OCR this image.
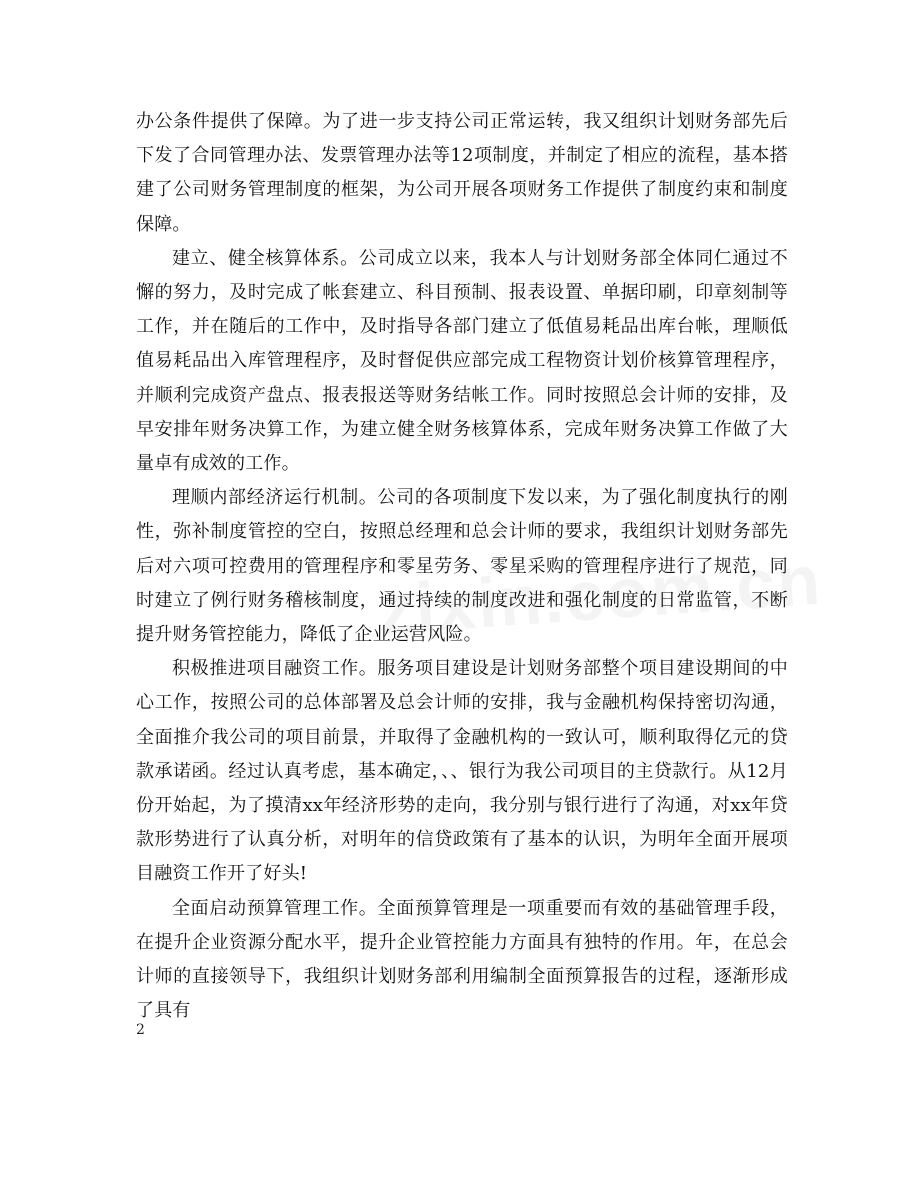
办公条件提供了保障。为了进一步支持公司正常运转，我又组织计划财务部先后下发了合同管理办法、发票管理办法等12项制度，并制定了相应的流程，基本搭建了公司财务管理制度的框架，为公司开展各项财务工作提供了制度约束和制度保障。

建立、健全核算体系。公司成立以来，我本人与计划财务部全体同仁通过不懈的努力，及时完成了帐套建立、科目预制、报表设置、单据印刷，印章刻制等工作，并在随后的工作中，及时指导各部门建立了低值易耗品出库台帐，理顺低值易耗品出入库管理程序，及时督促供应部完成工程物资计划价核算管理程序，并顺利完成资产盘点、报表报送等财务结帐工作。同时按照总会计师的安排，及早安排年财务决算工作，为建立健全财务核算体系，完成年财务决算工作做了大量卓有成效的工作。

理顺内部经济运行机制。公司的各项制度下发以来，为了强化制度执行的刚性，弥补制度管控的空白，按照总经理和总会计师的要求，我组织计划财务部先后对六项可控费用的管理程序和零星劳务、零星采购的管理程序进行了规范，同时建立了例行财务稽核制度，通过持续的制度改进和强化制度的日常监管，不断提升财务管控能力，降低了企业运营风险。

积极推进项目融资工作。服务项目建设是计划财务部整个项目建设期间的中心工作，按照公司的总体部署及总会计师的安排，我与金融机构保持密切沟通，全面推介我公司的项目前景，并取得了金融机构的一致认可，顺利取得亿元的贷款承诺函。经过认真考虑，基本确定，、、银行为我公司项目的主贷款行。从12月份开始起，为了摸清xx年经济形势的走向，我分别与银行进行了沟通，对xx年贷款形势进行了认真分析，对明年的信贷政策有了基本的认识，为明年全面开展项目融资工作开了好头!

全面启动预算管理工作。全面预算管理是一项重要而有效的基础管理手段，在提升企业资源分配水平，提升企业管控能力方面具有独特的作用。年，在总会计师的直接领导下，我组织计划财务部利用编制全面预算报告的过程，逐渐形成了具有

2
